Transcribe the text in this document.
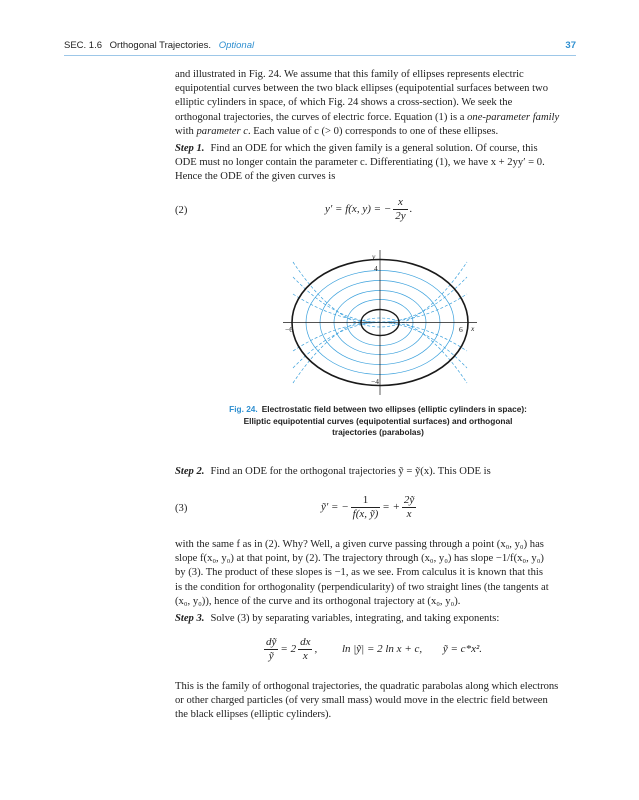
SEC. 1.6 Orthogonal Trajectories. Optional	37
and illustrated in Fig. 24. We assume that this family of ellipses represents electric
equipotential curves between the two black ellipses (equipotential surfaces between two
elliptic cylinders in space, of which Fig. 24 shows a cross-section). We seek the
orthogonal trajectories, the curves of electric force. Equation (1) is a one-parameter family
with parameter c. Each value of c (> 0) corresponds to one of these ellipses.
Step 1. Find an ODE for which the given family is a general solution. Of course, this
ODE must no longer contain the parameter c. Differentiating (1), we have x + 2yy′ = 0.
Hence the ODE of the given curves is
(2)	y′ = f(x, y) = − $\frac{x}{2y}$ .
y
x
4
−4
−6	6
Fig. 24. Electrostatic field between two ellipses (elliptic cylinders in space):
Elliptic equipotential curves (equipotential surfaces) and orthogonal
trajectories (parabolas)
Step 2. Find an ODE for the orthogonal trajectories ỹ = ỹ(x). This ODE is
(3)	ỹ′ = − $\frac{1}{\text{f(x, ỹ)}}$ = + $\frac{\text{2ỹ}}{x}$
with the same f as in (2). Why? Well, a given curve passing through a point (x₀, y₀) has
slope f(x₀, y₀) at that point, by (2). The trajectory through (x₀, y₀) has slope −1/f(x₀, y₀)
by (3). The product of these slopes is −1, as we see. From calculus it is known that this
is the condition for orthogonality (perpendicularity) of two straight lines (the tangents at
(x₀, y₀)), hence of the curve and its orthogonal trajectory at (x₀, y₀).
Step 3. Solve (3) by separating variables, integrating, and taking exponents:
$\frac{\text{dỹ}}{\text{ỹ}} = 2 \frac{dx}{x}$ , ln |ỹ| = 2 ln x + c, ỹ = c*x².
This is the family of orthogonal trajectories, the quadratic parabolas along which electrons
or other charged particles (of very small mass) would move in the electric field between
the black ellipses (elliptic cylinders).
